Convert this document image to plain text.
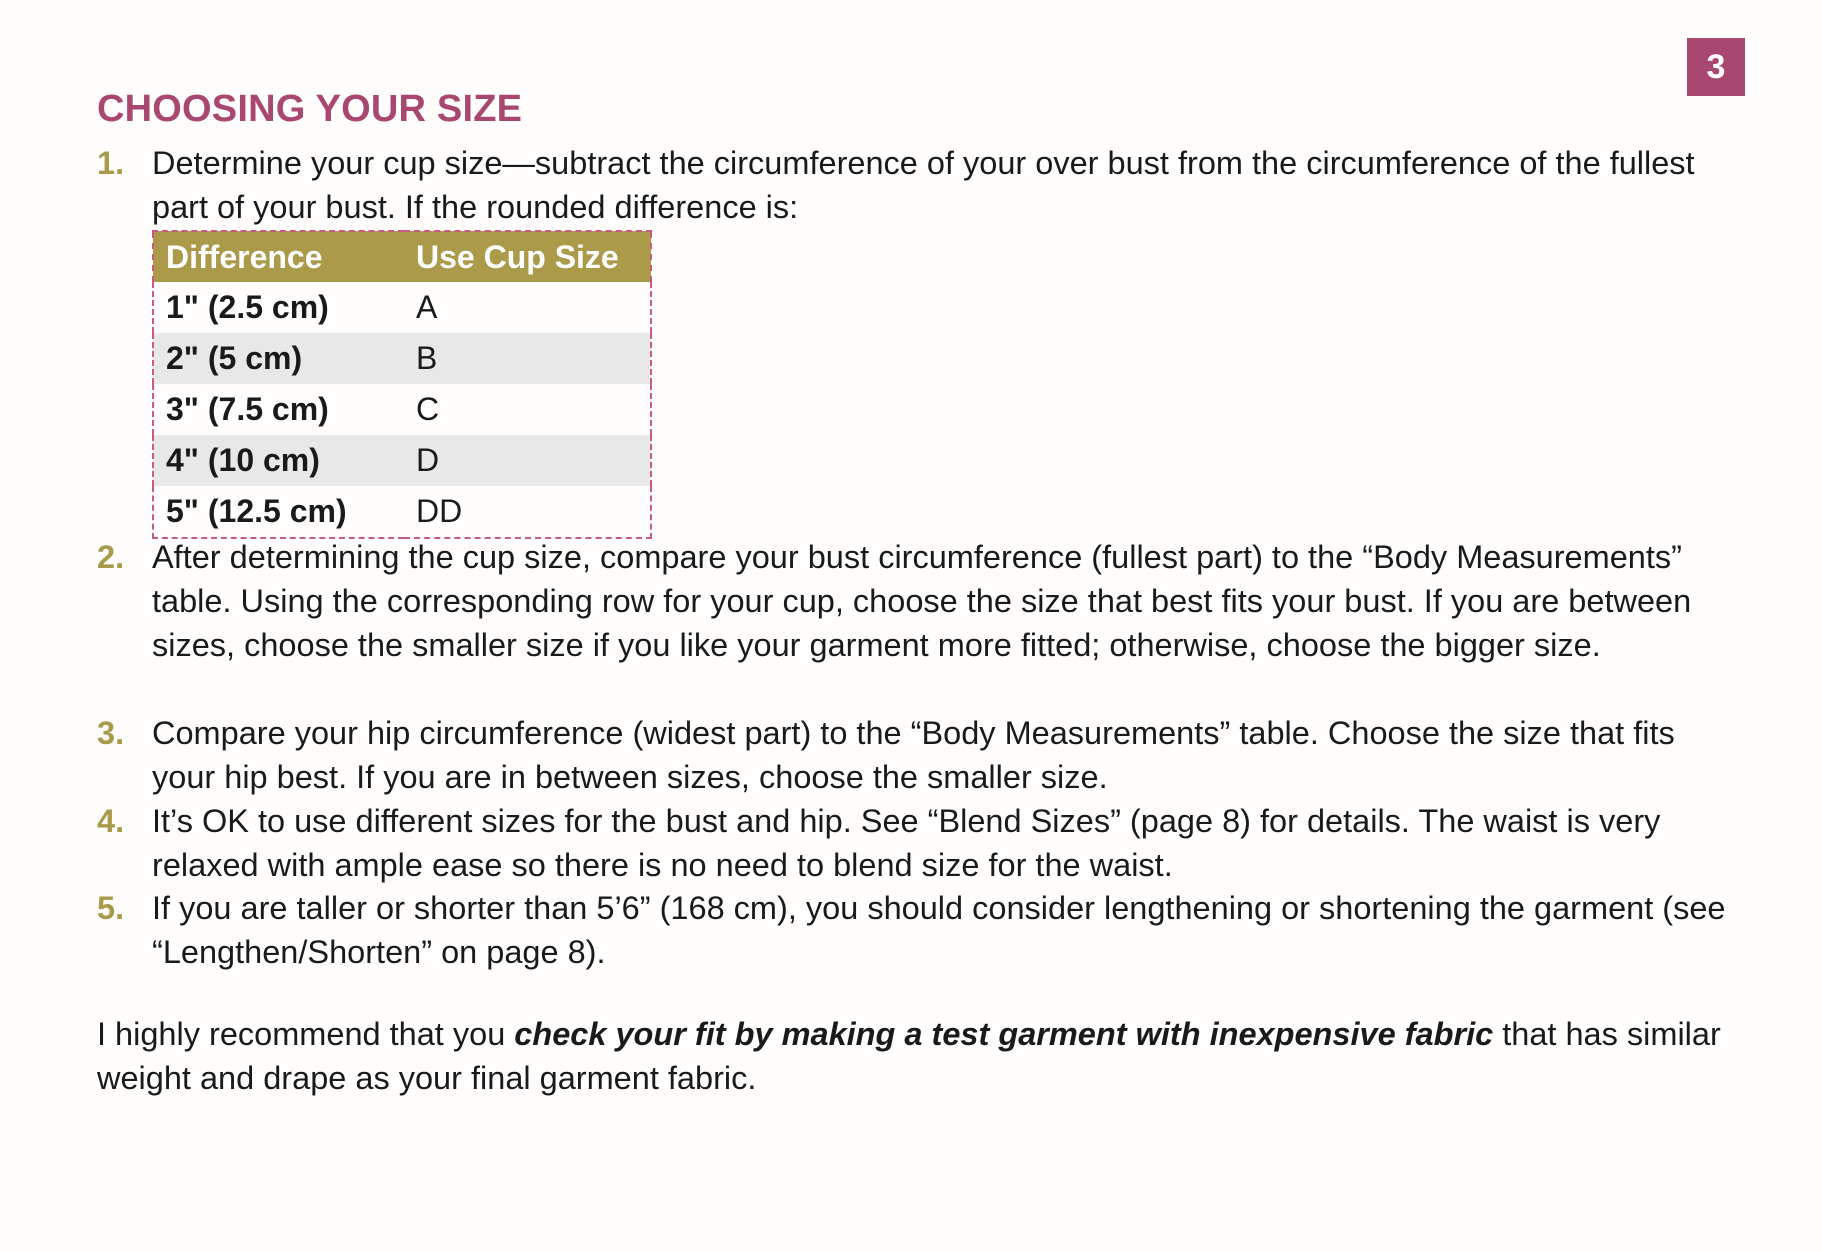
3
CHOOSING YOUR SIZE
1. Determine your cup size—subtract the circumference of your over bust from the circumference of the fullest part of your bust. If the rounded difference is:
Difference	Use Cup Size
1" (2.5 cm)	A
2" (5 cm)	B
3" (7.5 cm)	C
4" (10 cm)	D
5" (12.5 cm)	DD
2. After determining the cup size, compare your bust circumference (fullest part) to the “Body Measurements” table. Using the corresponding row for your cup, choose the size that best fits your bust. If you are between sizes, choose the smaller size if you like your garment more fitted; otherwise, choose the bigger size.
3. Compare your hip circumference (widest part) to the “Body Measurements” table. Choose the size that fits your hip best. If you are in between sizes, choose the smaller size.
4. It’s OK to use different sizes for the bust and hip. See “Blend Sizes” (page 8) for details. The waist is very relaxed with ample ease so there is no need to blend size for the waist.
5. If you are taller or shorter than 5’6” (168 cm), you should consider lengthening or shortening the garment (see “Lengthen/Shorten” on page 8).

I highly recommend that you check your fit by making a test garment with inexpensive fabric that has similar weight and drape as your final garment fabric.
